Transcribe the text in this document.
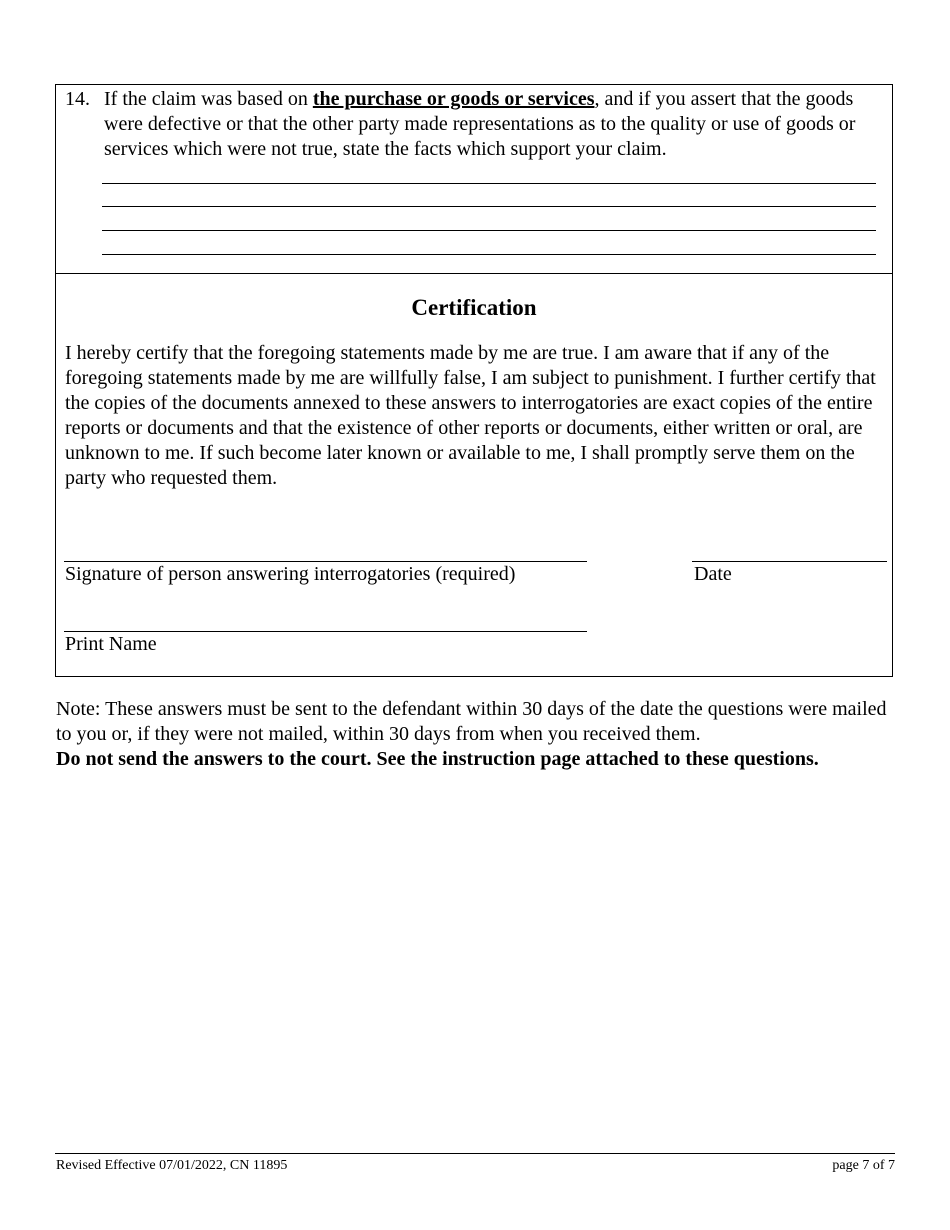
14. If the claim was based on the purchase or goods or services, and if you assert that the goods were defective or that the other party made representations as to the quality or use of goods or services which were not true, state the facts which support your claim.
Certification
I hereby certify that the foregoing statements made by me are true. I am aware that if any of the foregoing statements made by me are willfully false, I am subject to punishment. I further certify that the copies of the documents annexed to these answers to interrogatories are exact copies of the entire reports or documents and that the existence of other reports or documents, either written or oral, are unknown to me. If such become later known or available to me, I shall promptly serve them on the party who requested them.
Signature of person answering interrogatories (required)	Date
Print Name
Note: These answers must be sent to the defendant within 30 days of the date the questions were mailed to you or, if they were not mailed, within 30 days from when you received them.
Do not send the answers to the court. See the instruction page attached to these questions.
Revised Effective 07/01/2022, CN 11895	page 7 of 7
